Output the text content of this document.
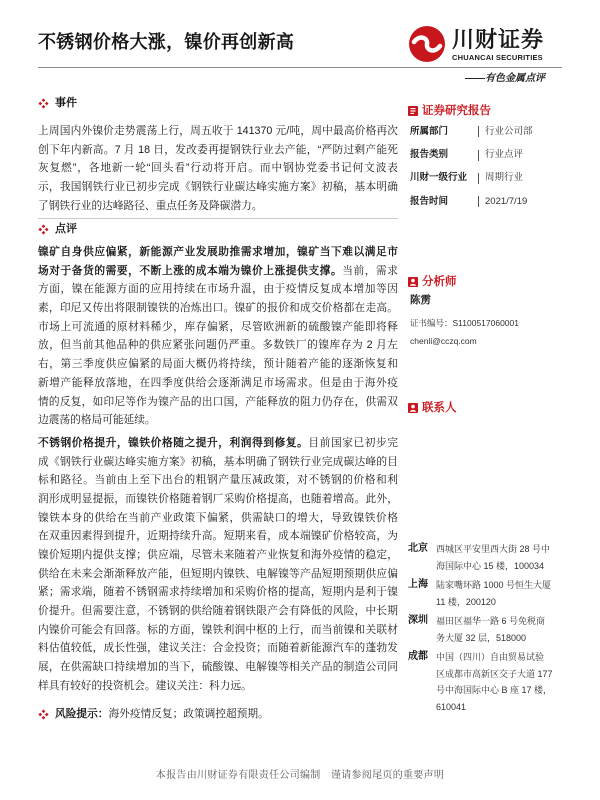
不锈钢价格大涨，镍价再创新高	川财证券
CHUANCAI SECURITIES
——有色金属点评
事件
上周国内外镍价走势震荡上行，周五收于 141370 元/吨，周中最高价格再次
创下年内新高。7 月 18 日，发改委再提钢铁行业去产能，“严防过剩产能死
灰复燃”，各地新一轮“回头看”行动将开启。而中钢协党委书记何文波表
示，我国钢铁行业已初步完成《钢铁行业碳达峰实施方案》初稿，基本明确
了钢铁行业的达峰路径、重点任务及降碳潜力。
点评
镍矿自身供应偏紧，新能源产业发展助推需求增加，镍矿当下难以满足市
场对于备货的需要，不断上涨的成本端为镍价上涨提供支撑。当前，需求
方面，镍在能源方面的应用持续在市场升温，由于疫情反复成本增加等因
素，印尼又传出将限制镍铁的冶炼出口。镍矿的报价和成交价格都在走高。
市场上可流通的原材料稀少，库存偏紧，尽管欧洲新的硫酸镍产能即将释
放，但当前其他品种的供应紧张问题仍严重。多数铁厂的镍库存为 2 月左
右，第三季度供应偏紧的局面大概仍将持续，预计随着产能的逐渐恢复和
新增产能释放落地，在四季度供给会逐渐满足市场需求。但是由于海外疫
情的反复，如印尼等作为镍产品的出口国，产能释放的阻力仍存在，供需双
边震荡的格局可能延续。
不锈钢价格提升，镍铁价格随之提升，利润得到修复。目前国家已初步完
成《钢铁行业碳达峰实施方案》初稿，基本明确了钢铁行业完成碳达峰的目
标和路径。当前由上至下出台的粗钢产量压减政策，对不锈钢的价格和利
润形成明显提振，而镍铁价格随着钢厂采购价格提高，也随着增高。此外，
镍铁本身的供给在当前产业政策下偏紧，供需缺口的增大，导致镍铁价格
在双重因素得到提升，近期持续升高。短期来看，成本端镍矿价格较高，为
镍价短期内提供支撑；供应端，尽管未来随着产业恢复和海外疫情的稳定，
供给在未来会渐渐释放产能，但短期内镍铁、电解镍等产品短期预期供应偏
紧；需求端，随着不锈钢需求持续增加和采购价格的提高，短期内是利于镍
价提升。但需要注意，不锈钢的供给随着钢铁限产会有降低的风险，中长期
内镍价可能会有回落。标的方面，镍铁利润中枢的上行，而当前镍和关联材
料估值较低，成长性强，建议关注：合金投资；而随着新能源汽车的蓬勃发
展，在供需缺口持续增加的当下，硫酸镍、电解镍等相关产品的制造公司同
样具有较好的投资机会。建议关注：科力远。
风险提示：海外疫情反复；政策调控超预期。
证券研究报告
所属部门	行业公司部
报告类别	行业点评
川财一级行业	周期行业
报告时间	2021/7/19
分析师
陈雳
证书编号：S1100517060001
chenli@cczq.com
联系人
北京 西城区平安里西大街 28 号中
海国际中心 15 楼，100034
上海 陆家嘴环路 1000 号恒生大厦
11 楼，200120
深圳 福田区福华一路 6 号免税商
务大厦 32 层，518000
成都 中国（四川）自由贸易试验
区成都市高新区交子大道 177
号中海国际中心 B 座 17 楼，
610041
本报告由川财证券有限责任公司编制　谨请参阅尾页的重要声明
